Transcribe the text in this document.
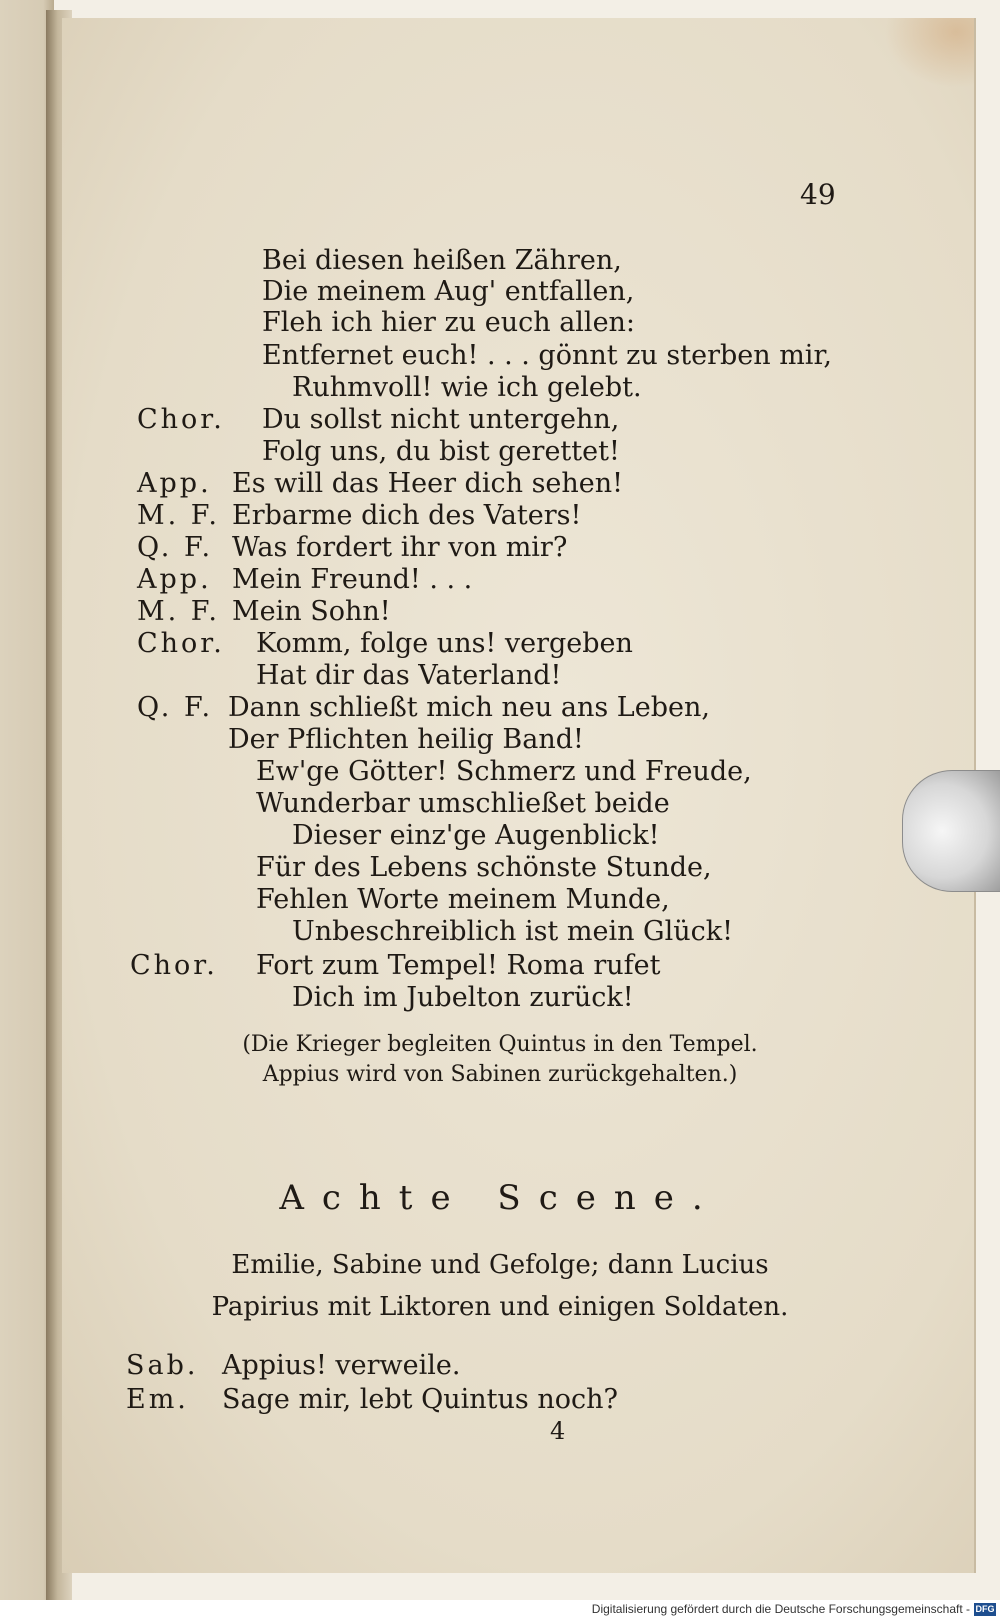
49
Bei diesen heißen Zähren,
Die meinem Aug' entfallen,
Fleh ich hier zu euch allen:
Entfernet euch! . . . gönnt zu sterben mir,
Ruhmvoll! wie ich gelebt.
Chor. Du sollst nicht untergehn,
Folg uns, du bist gerettet!
App. Es will das Heer dich sehen!
M. F. Erbarme dich des Vaters!
Q. F. Was fordert ihr von mir?
App. Mein Freund! . . .
M. F. Mein Sohn!
Chor. Komm, folge uns! vergeben
Hat dir das Vaterland!
Q. F. Dann schließt mich neu ans Leben,
Der Pflichten heilig Band!
Ew'ge Götter! Schmerz und Freude,
Wunderbar umschließet beide
Dieser einz'ge Augenblick!
Für des Lebens schönste Stunde,
Fehlen Worte meinem Munde,
Unbeschreiblich ist mein Glück!
Chor. Fort zum Tempel! Roma rufet
Dich im Jubelton zurück!
(Die Krieger begleiten Quintus in den Tempel.
Appius wird von Sabinen zurückgehalten.)
Achte Scene.
Emilie, Sabine und Gefolge; dann Lucius
Papirius mit Liktoren und einigen Soldaten.
Sab. Appius! verweile.
Em. Sage mir, lebt Quintus noch?
4
Digitalisierung gefördert durch die Deutsche Forschungsgemeinschaft - DFG
